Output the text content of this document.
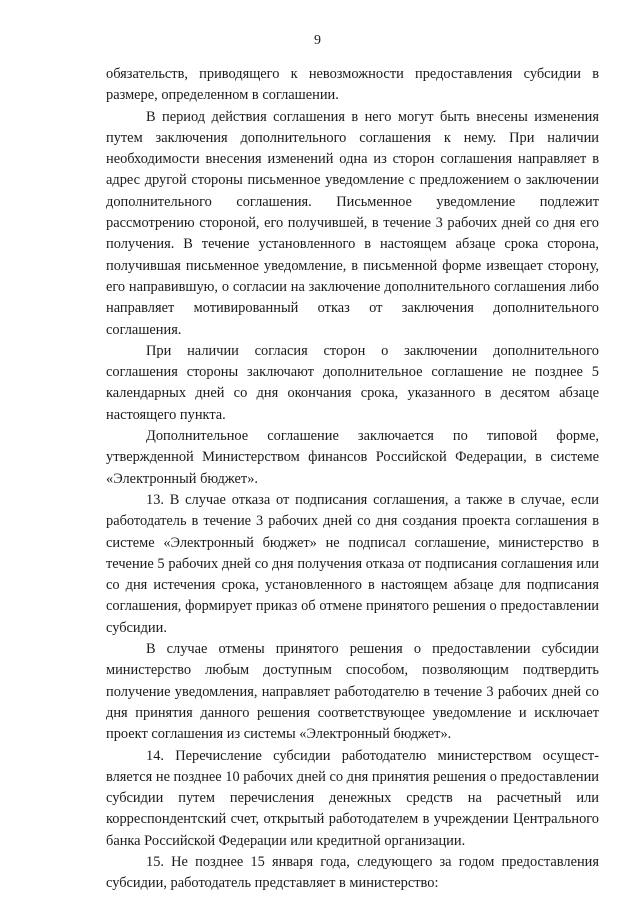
9

обязательств, приводящего к невозможности предоставления субсидии в размере, определенном в соглашении.

В период действия соглашения в него могут быть внесены изменения путем заключения дополнительного соглашения к нему. При наличии необходимости внесения изменений одна из сторон соглашения направляет в адрес другой стороны письменное уведомление с предложением о заключении дополнительного соглашения. Письменное уведомление подлежит рассмотрению стороной, его получившей, в течение 3 рабочих дней со дня его получения. В течение установленного в настоящем абзаце срока сторона, получившая письменное уведомление, в письменной форме извещает сторону, его направившую, о согласии на заключение дополнительного соглашения либо направляет мотивированный отказ от заключения дополнительного соглашения.

При наличии согласия сторон о заключении дополнительного соглашения стороны заключают дополнительное соглашение не позднее 5 календарных дней со дня окончания срока, указанного в десятом абзаце настоящего пункта.

Дополнительное соглашение заключается по типовой форме, утвержденной Министерством финансов Российской Федерации, в системе «Электронный бюджет».

13. В случае отказа от подписания соглашения, а также в случае, если работодатель в течение 3 рабочих дней со дня создания проекта соглашения в системе «Электронный бюджет» не подписал соглашение, министерство в течение 5 рабочих дней со дня получения отказа от подписания соглашения или со дня истечения срока, установленного в настоящем абзаце для подписания соглашения, формирует приказ об отмене принятого решения о предоставлении субсидии.

В случае отмены принятого решения о предоставлении субсидии министерство любым доступным способом, позволяющим подтвердить получение уведомления, направляет работодателю в течение 3 рабочих дней со дня принятия данного решения соответствующее уведомление и исключает проект соглашения из системы «Электронный бюджет».

14. Перечисление субсидии работодателю министерством осущест-вляется не позднее 10 рабочих дней со дня принятия решения о предоставлении субсидии путем перечисления денежных средств на расчетный или корреспондентский счет, открытый работодателем в учреждении Центрального банка Российской Федерации или кредитной организации.

15. Не позднее 15 января года, следующего за годом предоставления субсидии, работодатель представляет в министерство:
